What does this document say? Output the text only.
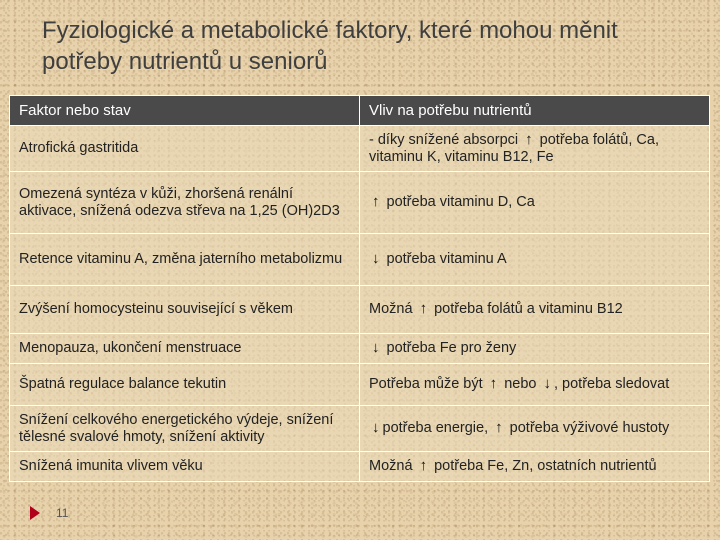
Fyziologické a metabolické faktory, které mohou měnit potřeby nutrientů u seniorů
Faktor nebo stav	Vliv na potřebu nutrientů
Atrofická gastritida	- díky snížené absorpci ↑ potřeba folátů, Ca, vitaminu K, vitaminu B12, Fe
Omezená syntéza v kůži, zhoršená renální aktivace, snížená odezva střeva na 1,25 (OH)2D3	↑ potřeba vitaminu D, Ca
Retence vitaminu A, změna jaterního metabolizmu	↓ potřeba vitaminu A
Zvýšení homocysteinu související s věkem	Možná ↑ potřeba folátů a vitaminu B12
Menopauza, ukončení menstruace	↓ potřeba Fe pro ženy
Špatná regulace balance tekutin	Potřeba může být ↑ nebo ↓ , potřeba sledovat
Snížení celkového energetického výdeje, snížení tělesné svalové hmoty, snížení aktivity	↓ potřeba energie, ↑ potřeba výživové hustoty
Snížená imunita vlivem věku	Možná ↑ potřeba Fe, Zn, ostatních nutrientů
11
